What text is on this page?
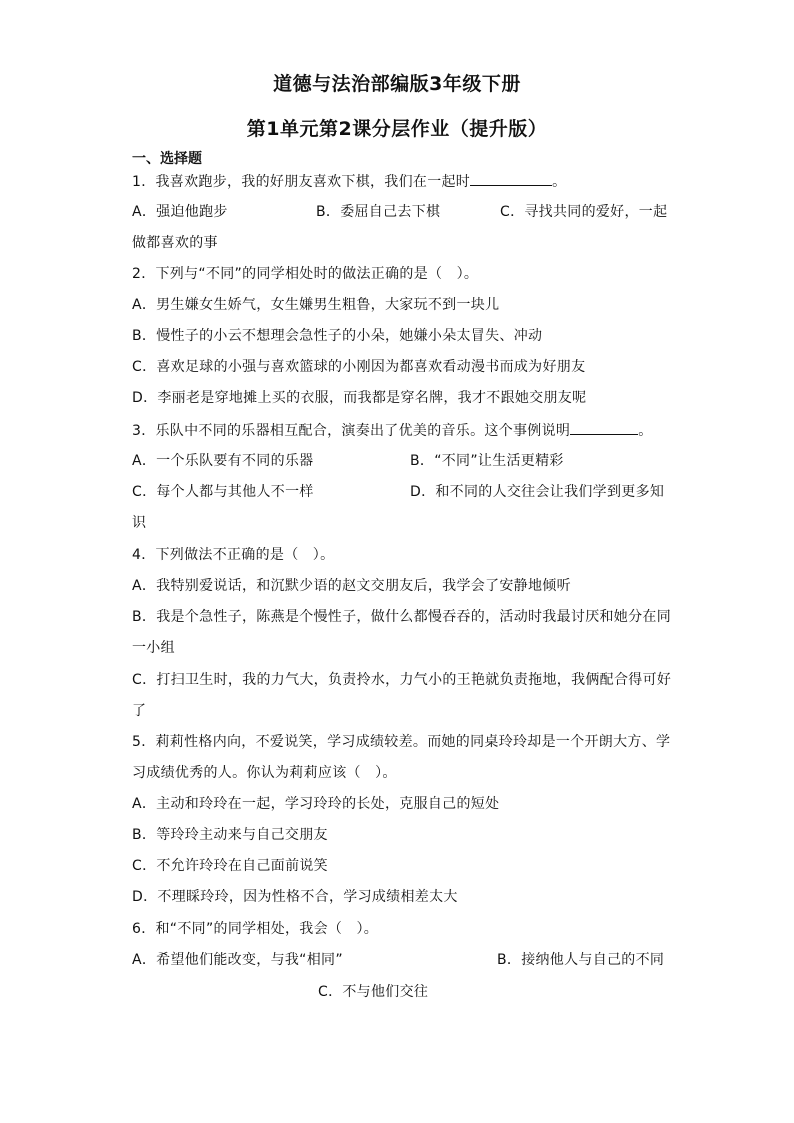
道德与法治部编版3年级下册
第1单元第2课分层作业（提升版）
一、选择题
1．我喜欢跑步，我的好朋友喜欢下棋，我们在一起时	。
A．强迫他跑步	B．委屈自己去下棋	C．寻找共同的爱好，一起
做都喜欢的事
2．下列与“不同”的同学相处时的做法正确的是（　）。
A．男生嫌女生娇气，女生嫌男生粗鲁，大家玩不到一块儿
B．慢性子的小云不想理会急性子的小朵，她嫌小朵太冒失、冲动
C．喜欢足球的小强与喜欢篮球的小刚因为都喜欢看动漫书而成为好朋友
D．李丽老是穿地摊上买的衣服，而我都是穿名牌，我才不跟她交朋友呢
3．乐队中不同的乐器相互配合，演奏出了优美的音乐。这个事例说明	。
A．一个乐队要有不同的乐器	B．“不同”让生活更精彩
C．每个人都与其他人不一样	D．和不同的人交往会让我们学到更多知
识
4．下列做法不正确的是（　）。
A．我特别爱说话，和沉默少语的赵文交朋友后，我学会了安静地倾听
B．我是个急性子，陈燕是个慢性子，做什么都慢吞吞的，活动时我最讨厌和她分在同
一小组
C．打扫卫生时，我的力气大，负责拎水，力气小的王艳就负责拖地，我俩配合得可好
了
5．莉莉性格内向，不爱说笑，学习成绩较差。而她的同桌玲玲却是一个开朗大方、学
习成绩优秀的人。你认为莉莉应该（　）。
A．主动和玲玲在一起，学习玲玲的长处，克服自己的短处
B．等玲玲主动来与自己交朋友
C．不允许玲玲在自己面前说笑
D．不理睬玲玲，因为性格不合，学习成绩相差太大
6．和“不同”的同学相处，我会（　）。
A．希望他们能改变，与我“相同”	B．接纳他人与自己的不同
C．不与他们交往
